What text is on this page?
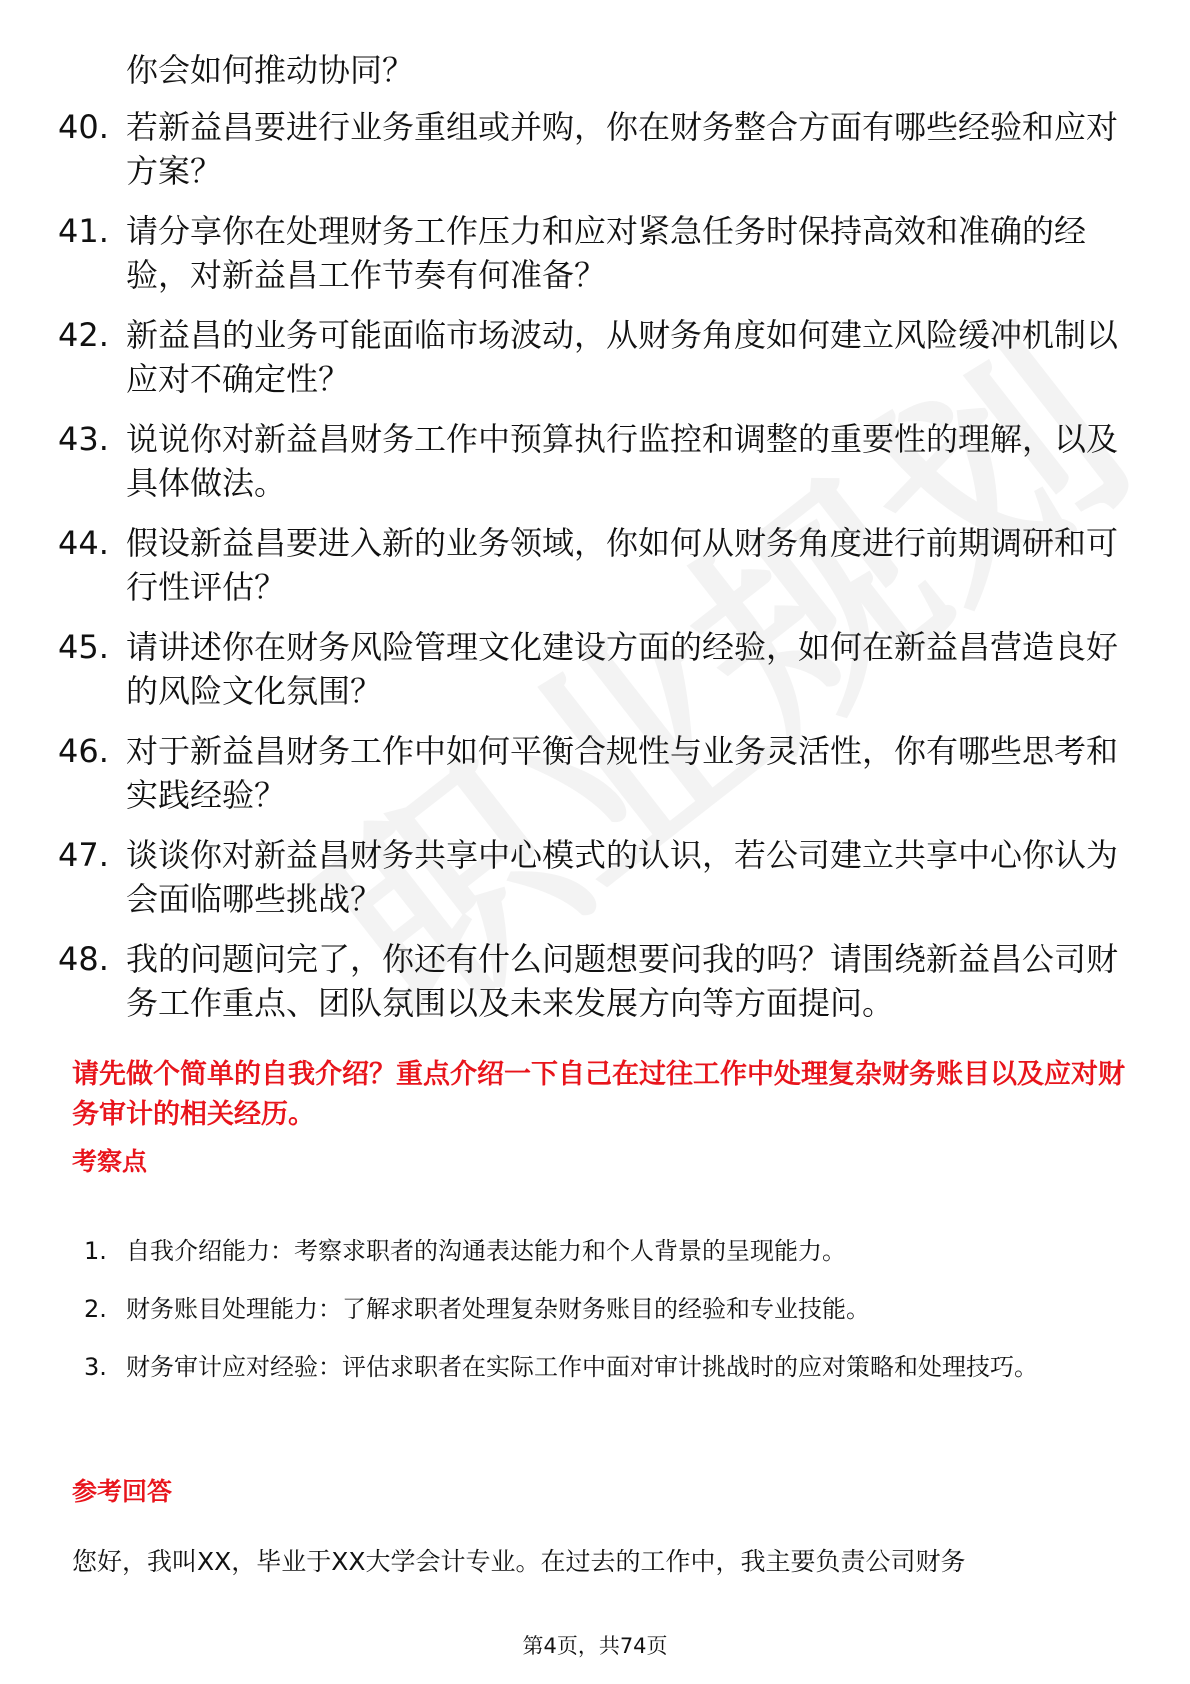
你会如何推动协同？
40. 若新益昌要进行业务重组或并购，你在财务整合方面有哪些经验和应对方案？
41. 请分享你在处理财务工作压力和应对紧急任务时保持高效和准确的经验，对新益昌工作节奏有何准备？
42. 新益昌的业务可能面临市场波动，从财务角度如何建立风险缓冲机制以应对不确定性？
43. 说说你对新益昌财务工作中预算执行监控和调整的重要性的理解，以及具体做法。
44. 假设新益昌要进入新的业务领域，你如何从财务角度进行前期调研和可行性评估？
45. 请讲述你在财务风险管理文化建设方面的经验，如何在新益昌营造良好的风险文化氛围？
46. 对于新益昌财务工作中如何平衡合规性与业务灵活性，你有哪些思考和实践经验？
47. 谈谈你对新益昌财务共享中心模式的认识，若公司建立共享中心你认为会面临哪些挑战？
48. 我的问题问完了，你还有什么问题想要问我的吗？请围绕新益昌公司财务工作重点、团队氛围以及未来发展方向等方面提问。
请先做个简单的自我介绍？重点介绍一下自己在过往工作中处理复杂财务账目以及应对财务审计的相关经历。
考察点
1. 自我介绍能力：考察求职者的沟通表达能力和个人背景的呈现能力。
2. 财务账目处理能力：了解求职者处理复杂财务账目的经验和专业技能。
3. 财务审计应对经验：评估求职者在实际工作中面对审计挑战时的应对策略和处理技巧。
参考回答
您好，我叫XX，毕业于XX大学会计专业。在过去的工作中，我主要负责公司财务
第4页，共74页
